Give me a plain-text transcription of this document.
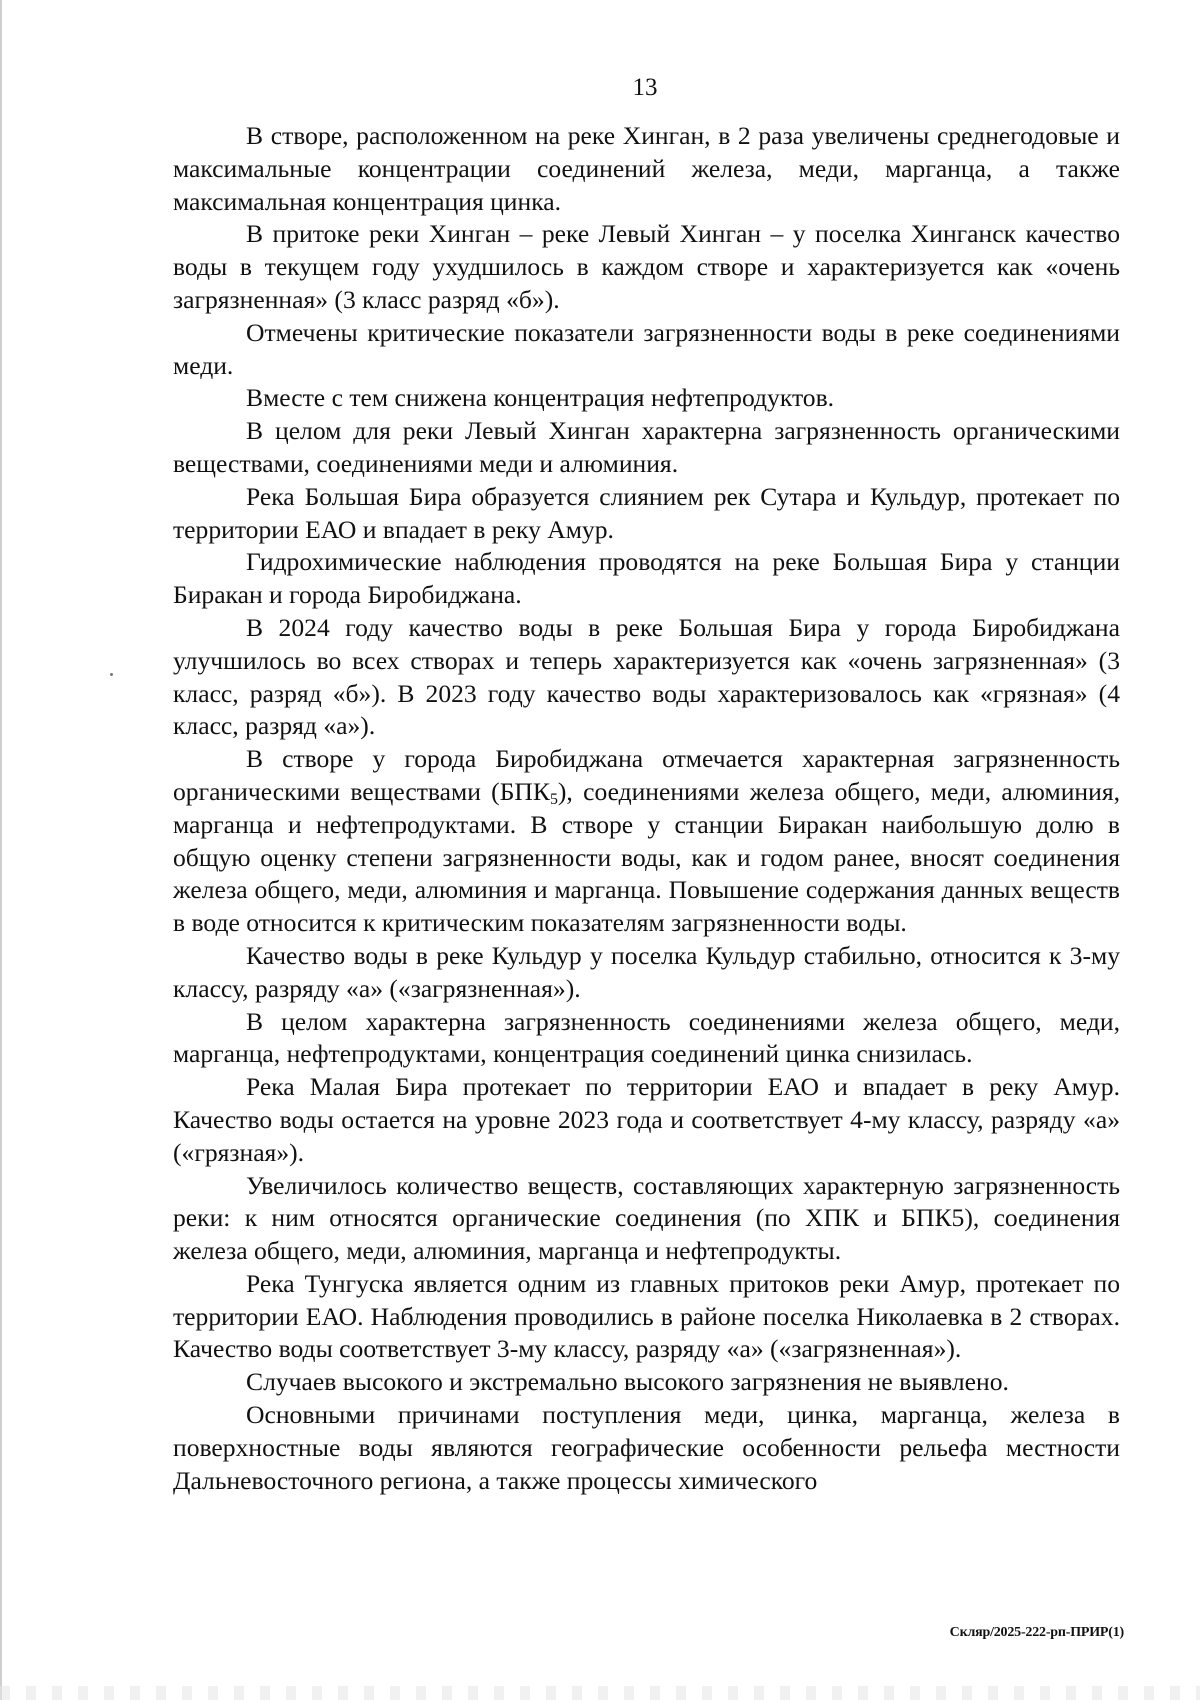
13

В створе, расположенном на реке Хинган, в 2 раза увеличены среднегодовые и максимальные концентрации соединений железа, меди, марганца, а также максимальная концентрация цинка.

В притоке реки Хинган – реке Левый Хинган – у поселка Хинганск качество воды в текущем году ухудшилось в каждом створе и характеризуется как «очень загрязненная» (3 класс разряд «б»).

Отмечены критические показатели загрязненности воды в реке соединениями меди.

Вместе с тем снижена концентрация нефтепродуктов.

В целом для реки Левый Хинган характерна загрязненность органическими веществами, соединениями меди и алюминия.

Река Большая Бира образуется слиянием рек Сутара и Кульдур, протекает по территории ЕАО и впадает в реку Амур.

Гидрохимические наблюдения проводятся на реке Большая Бира у станции Биракан и города Биробиджана.

В 2024 году качество воды в реке Большая Бира у города Биробиджана улучшилось во всех створах и теперь характеризуется как «очень загрязненная» (3 класс, разряд «б»). В 2023 году качество воды характеризовалось как «грязная» (4 класс, разряд «а»).

В створе у города Биробиджана отмечается характерная загрязненность органическими веществами $(БПК_5)$, соединениями железа общего, меди, алюминия, марганца и нефтепродуктами. В створе у станции Биракан наибольшую долю в общую оценку степени загрязненности воды, как и годом ранее, вносят соединения железа общего, меди, алюминия и марганца. Повышение содержания данных веществ в воде относится к критическим показателям загрязненности воды.

Качество воды в реке Кульдур у поселка Кульдур стабильно, относится к 3-му классу, разряду «а» («загрязненная»).

В целом характерна загрязненность соединениями железа общего, меди, марганца, нефтепродуктами, концентрация соединений цинка снизилась.

Река Малая Бира протекает по территории ЕАО и впадает в реку Амур. Качество воды остается на уровне 2023 года и соответствует 4-му классу, разряду «а» («грязная»).

Увеличилось количество веществ, составляющих характерную загрязненность реки: к ним относятся органические соединения (по ХПК и БПК5), соединения железа общего, меди, алюминия, марганца и нефтепродукты.

Река Тунгуска является одним из главных притоков реки Амур, протекает по территории ЕАО. Наблюдения проводились в районе поселка Николаевка в 2 створах. Качество воды соответствует 3-му классу, разряду «а» («загрязненная»).

Случаев высокого и экстремально высокого загрязнения не выявлено.

Основными причинами поступления меди, цинка, марганца, железа в поверхностные воды являются географические особенности рельефа местности Дальневосточного региона, а также процессы химического

Скляр/2025-222-рп-ПРИР(1)
